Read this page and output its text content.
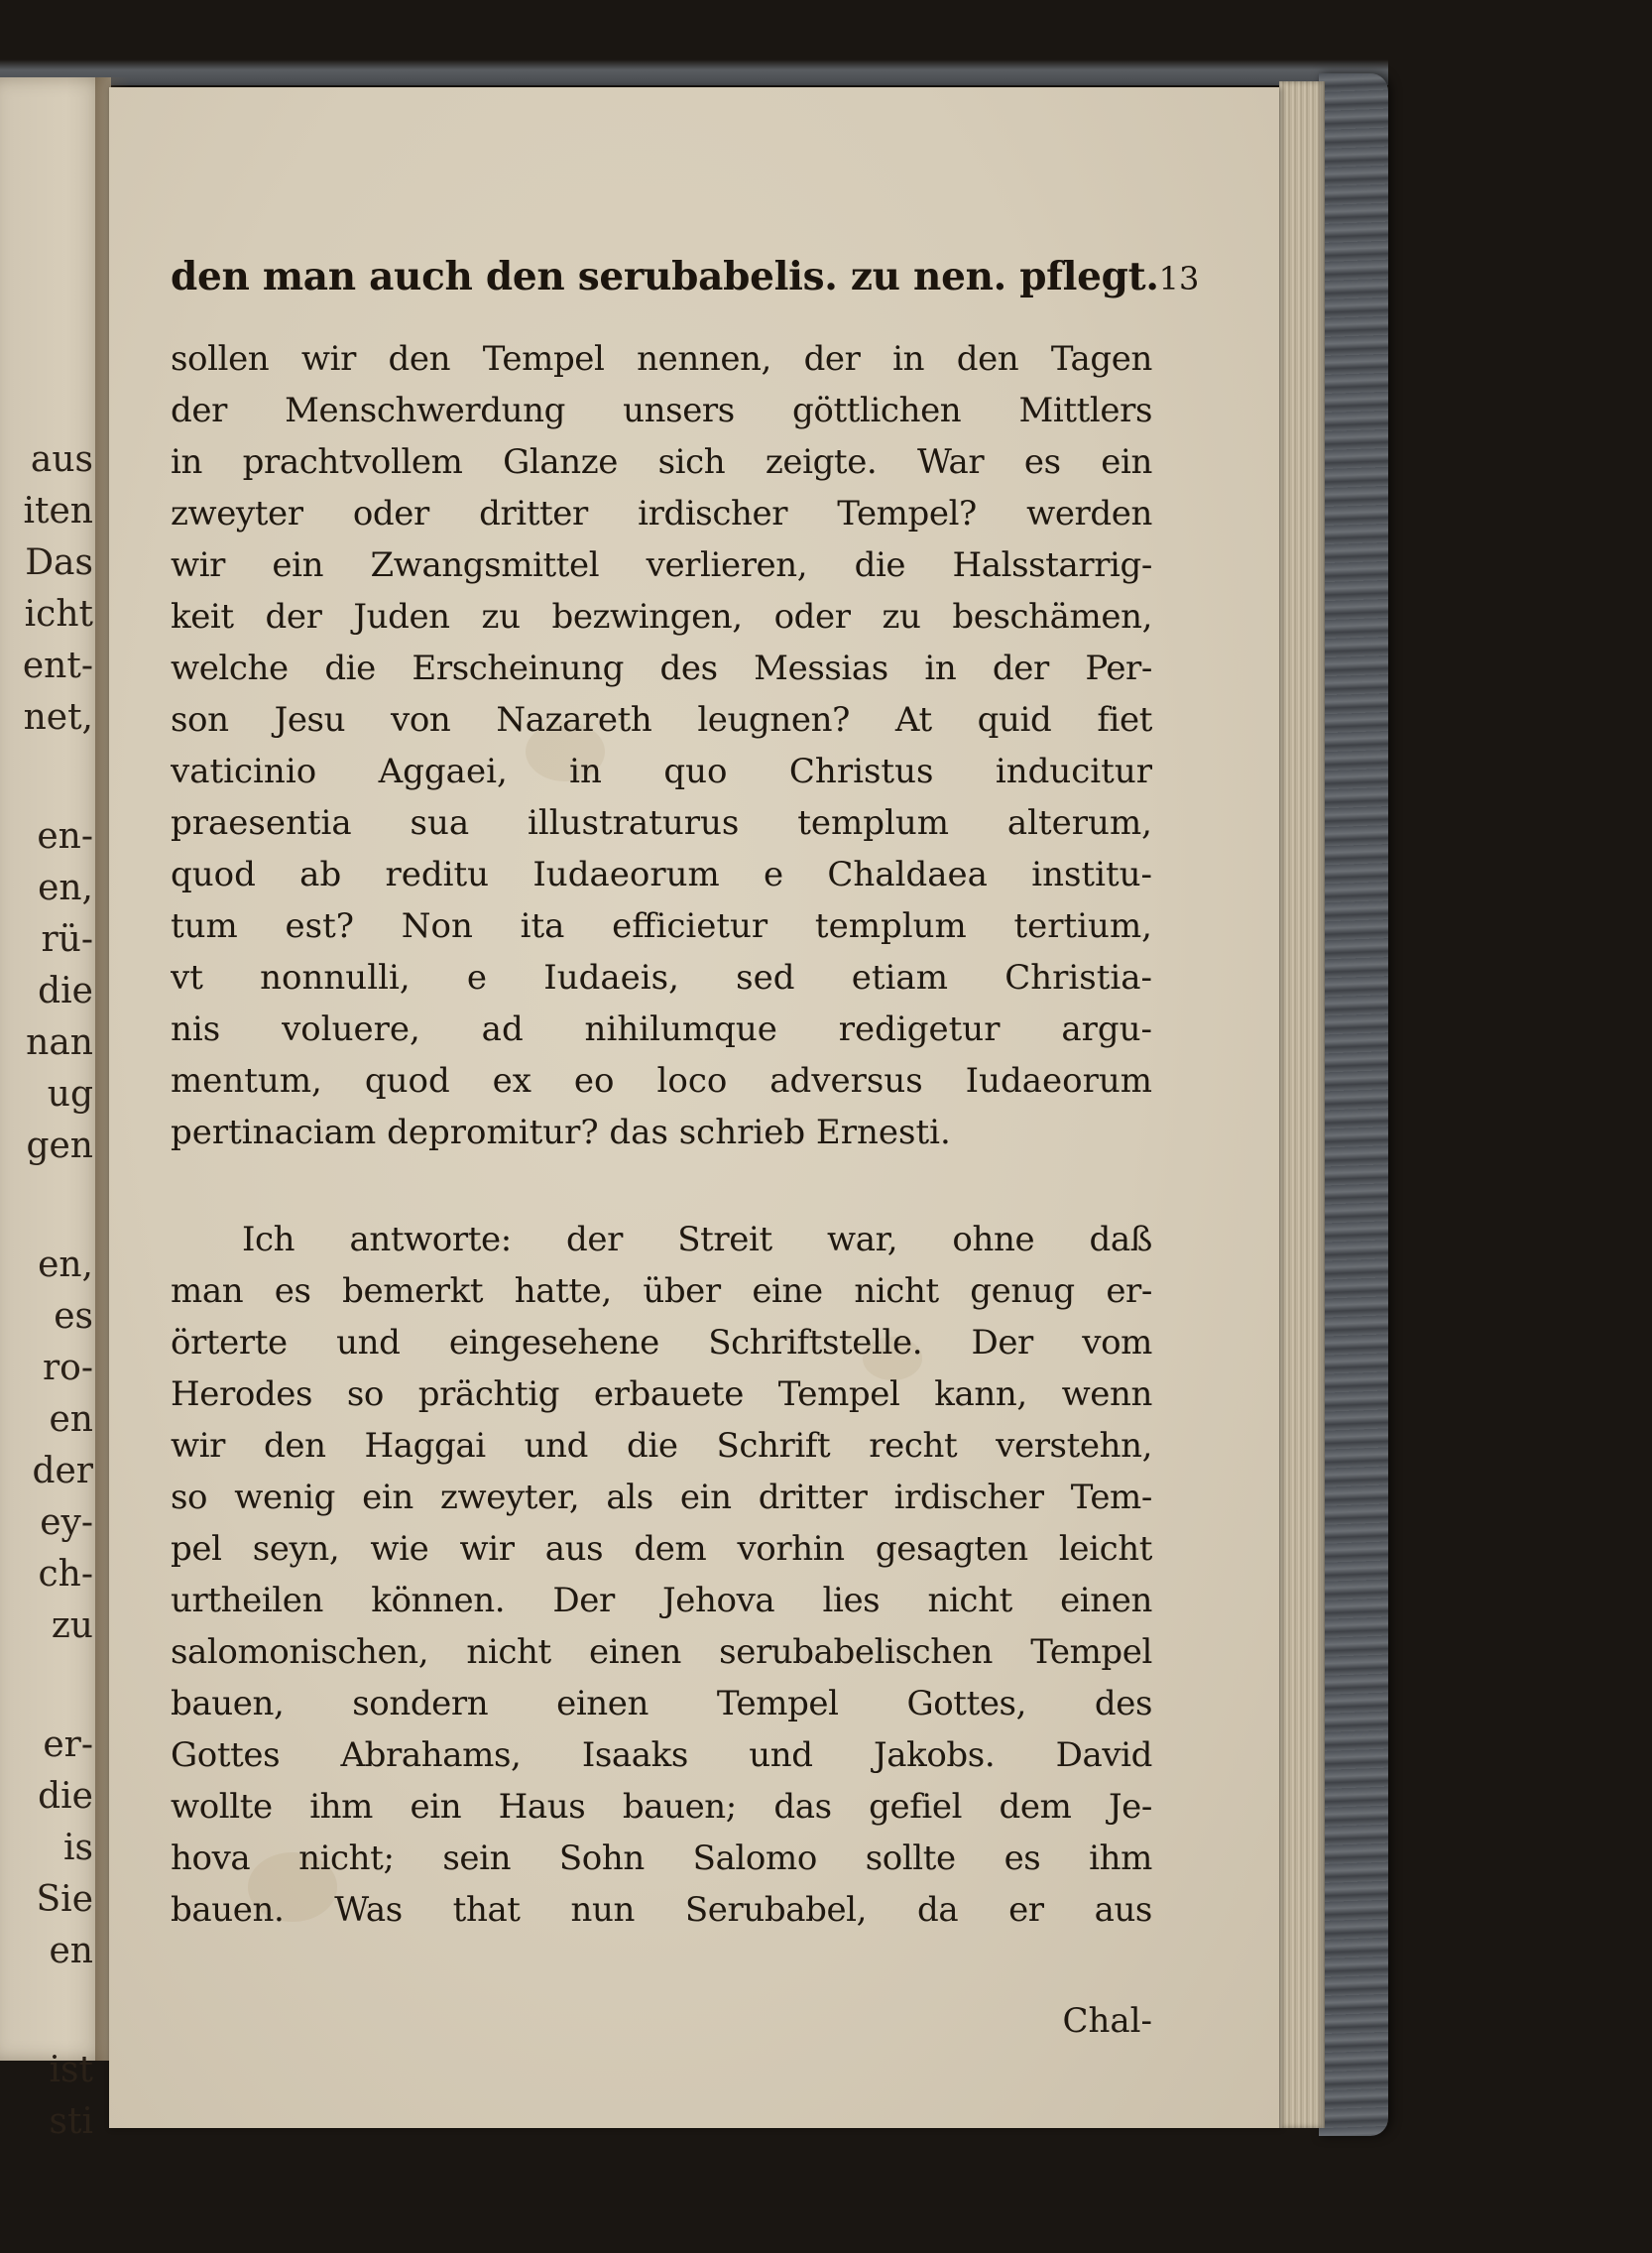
aus
iten
Das
icht
ent-
net,
en-
en,
rü-
die
nan
ug
gen
en,
es
ro-
en
der
ey-
ch-
zu
er-
die
is
Sie
en
ist
sti
den man auch den serubabelis. zu nen. pflegt. 13
sollen wir den Tempel nennen, der in den Tagen
der Menschwerdung unsers göttlichen Mittlers
in prachtvollem Glanze sich zeigte. War es ein
zweyter oder dritter irdischer Tempel? werden
wir ein Zwangsmittel verlieren, die Halsstarrig-
keit der Juden zu bezwingen, oder zu beschämen,
welche die Erscheinung des Messias in der Per-
son Jesu von Nazareth leugnen? At quid fiet
vaticinio Aggaei, in quo Christus inducitur
praesentia sua illustraturus templum alterum,
quod ab reditu Iudaeorum e Chaldaea institu-
tum est? Non ita efficietur templum tertium,
vt nonnulli, e Iudaeis, sed etiam Christia-
nis voluere, ad nihilumque redigetur argu-
mentum, quod ex eo loco adversus Iudaeorum
pertinaciam depromitur? das schrieb Ernesti.
Ich antworte: der Streit war, ohne daß
man es bemerkt hatte, über eine nicht genug er-
örterte und eingesehene Schriftstelle. Der vom
Herodes so prächtig erbauete Tempel kann, wenn
wir den Haggai und die Schrift recht verstehn,
so wenig ein zweyter, als ein dritter irdischer Tem-
pel seyn, wie wir aus dem vorhin gesagten leicht
urtheilen können. Der Jehova lies nicht einen
salomonischen, nicht einen serubabelischen Tempel
bauen, sondern einen Tempel Gottes, des
Gottes Abrahams, Isaaks und Jakobs. David
wollte ihm ein Haus bauen; das gefiel dem Je-
hova nicht; sein Sohn Salomo sollte es ihm
bauen. Was that nun Serubabel, da er aus
Chal-
